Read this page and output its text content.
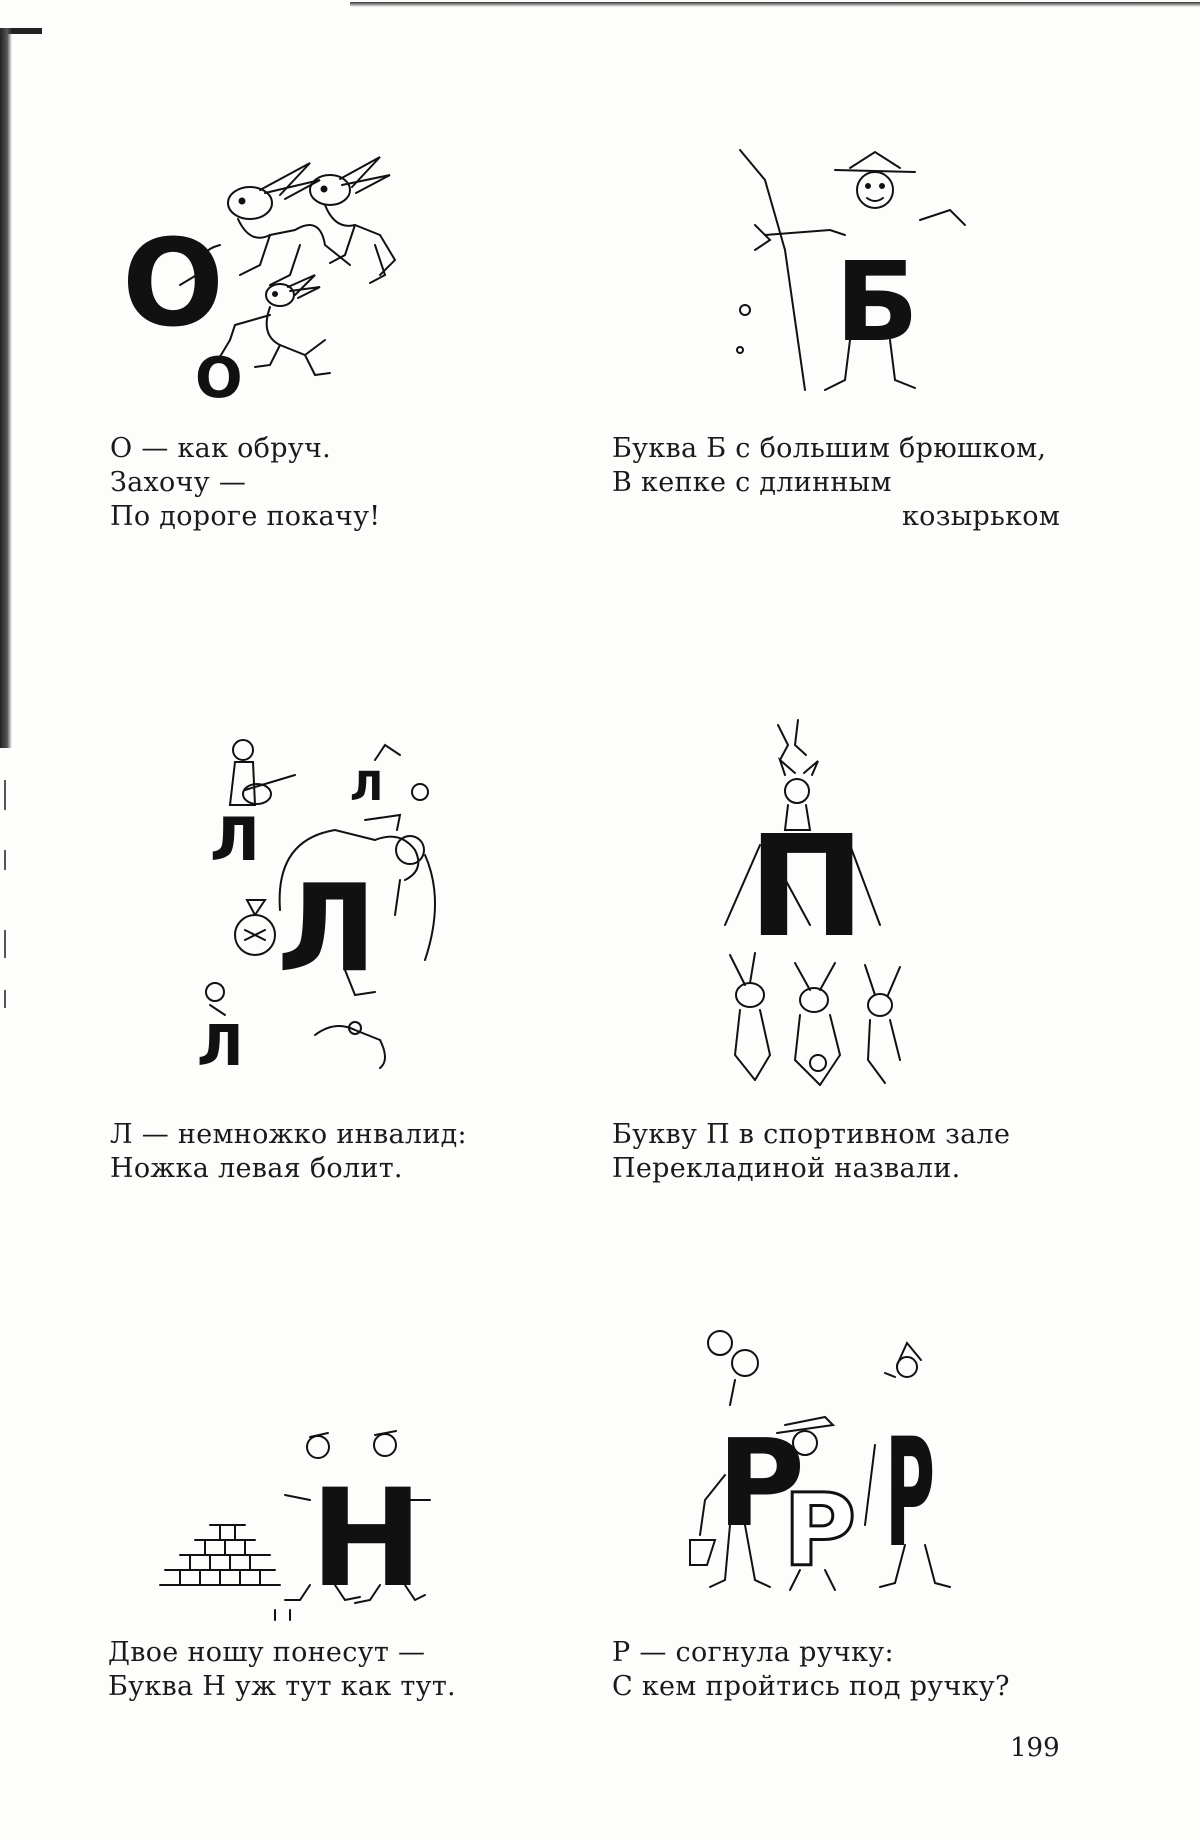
О
О
О — как обруч.
Захочу —
По дороге покачу!
Б
Буква Б с большим брюшком,
В кепке с длинным
козырьком
Л
Л
Л
Л
Л — немножко инвалид:
Ножка левая болит.
П
Букву П в спортивном зале
Перекладиной назвали.
Н
Двое ношу понесут —
Буква Н уж тут как тут.
Р
Р Р
Р — согнула ручку:
С кем пройтись под ручку?
199
